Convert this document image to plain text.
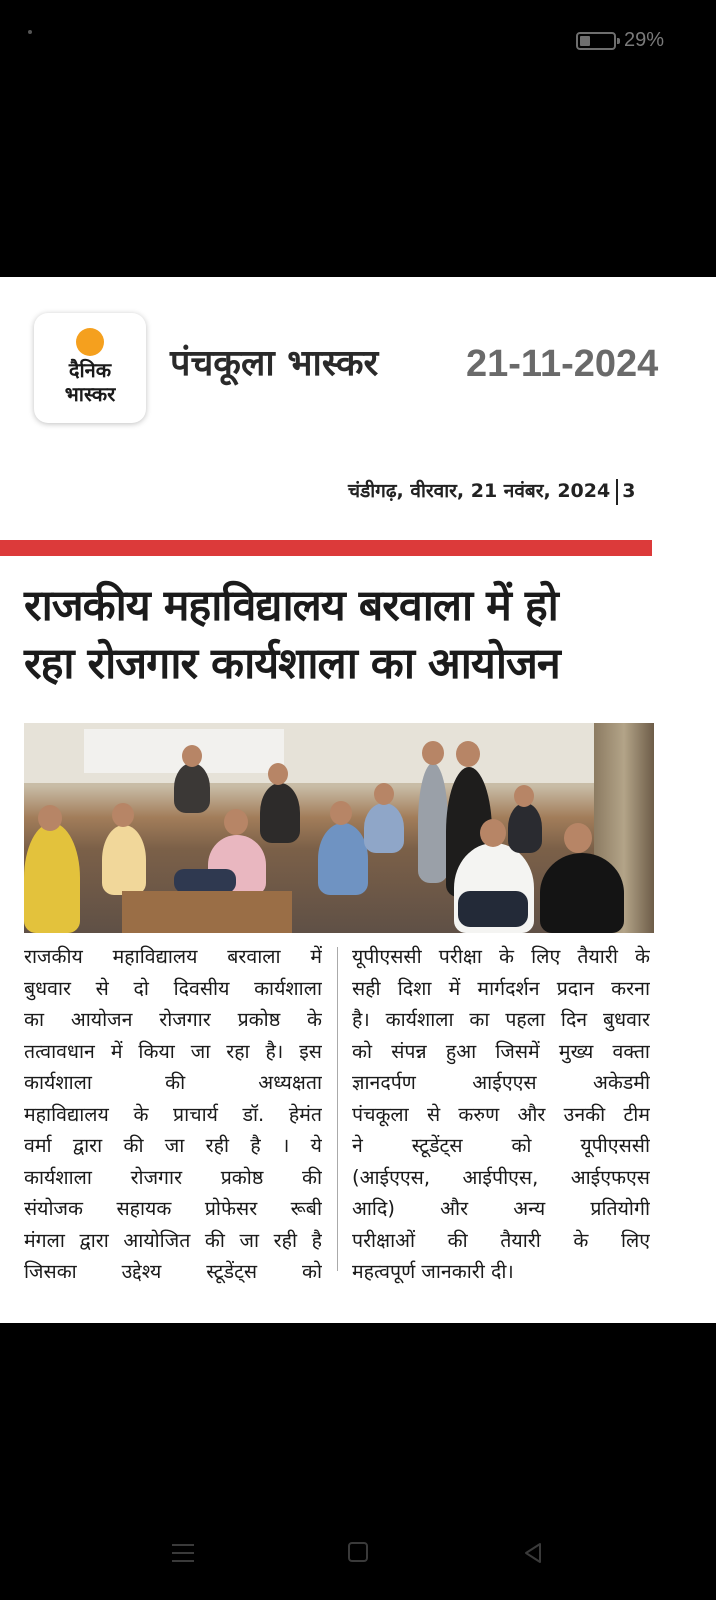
29%
दैनिक
भास्कर
पंचकूला भास्कर 21-11-2024
चंडीगढ़, वीरवार, 21 नवंबर, 2024 3
राजकीय महाविद्यालय बरवाला में हो
रहा रोजगार कार्यशाला का आयोजन
राजकीय महाविद्यालय बरवाला में
बुधवार से दो दिवसीय कार्यशाला
का आयोजन रोजगार प्रकोष्ठ के
तत्वावधान में किया जा रहा है। इस
कार्यशाला की अध्यक्षता
महाविद्यालय के प्राचार्य डॉ. हेमंत
वर्मा द्वारा की जा रही है । ये
कार्यशाला रोजगार प्रकोष्ठ की
संयोजक सहायक प्रोफेसर रूबी
मंगला द्वारा आयोजित की जा रही है
जिसका उद्देश्य स्टूडेंट्स को
यूपीएससी परीक्षा के लिए तैयारी के
सही दिशा में मार्गदर्शन प्रदान करना
है। कार्यशाला का पहला दिन बुधवार
को संपन्न हुआ जिसमें मुख्य वक्ता
ज्ञानदर्पण आईएएस अकेडमी
पंचकूला से करुण और उनकी टीम
ने स्टूडेंट्स को यूपीएससी
(आईएएस, आईपीएस, आईएफएस
आदि) और अन्य प्रतियोगी
परीक्षाओं की तैयारी के लिए
महत्वपूर्ण जानकारी दी।
